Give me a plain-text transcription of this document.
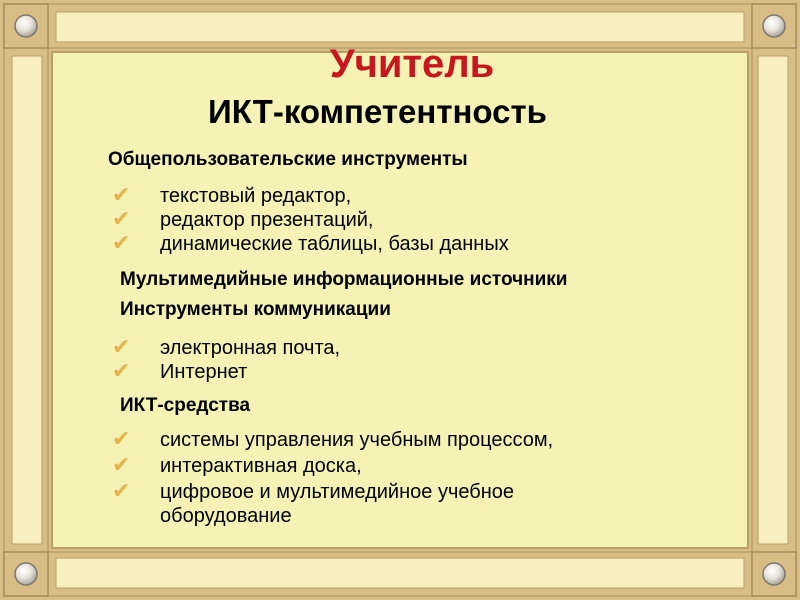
Учитель
ИКТ-компетентность
Общепользовательские инструменты
✔ текстовый редактор,
✔ редактор презентаций,
✔ динамические таблицы, базы данных
Мультимедийные информационные источники
Инструменты коммуникации
✔ электронная почта,
✔ Интернет
ИКТ-средства
✔ системы управления учебным процессом,
✔ интерактивная доска,
✔ цифровое и мультимедийное учебное
оборудование
